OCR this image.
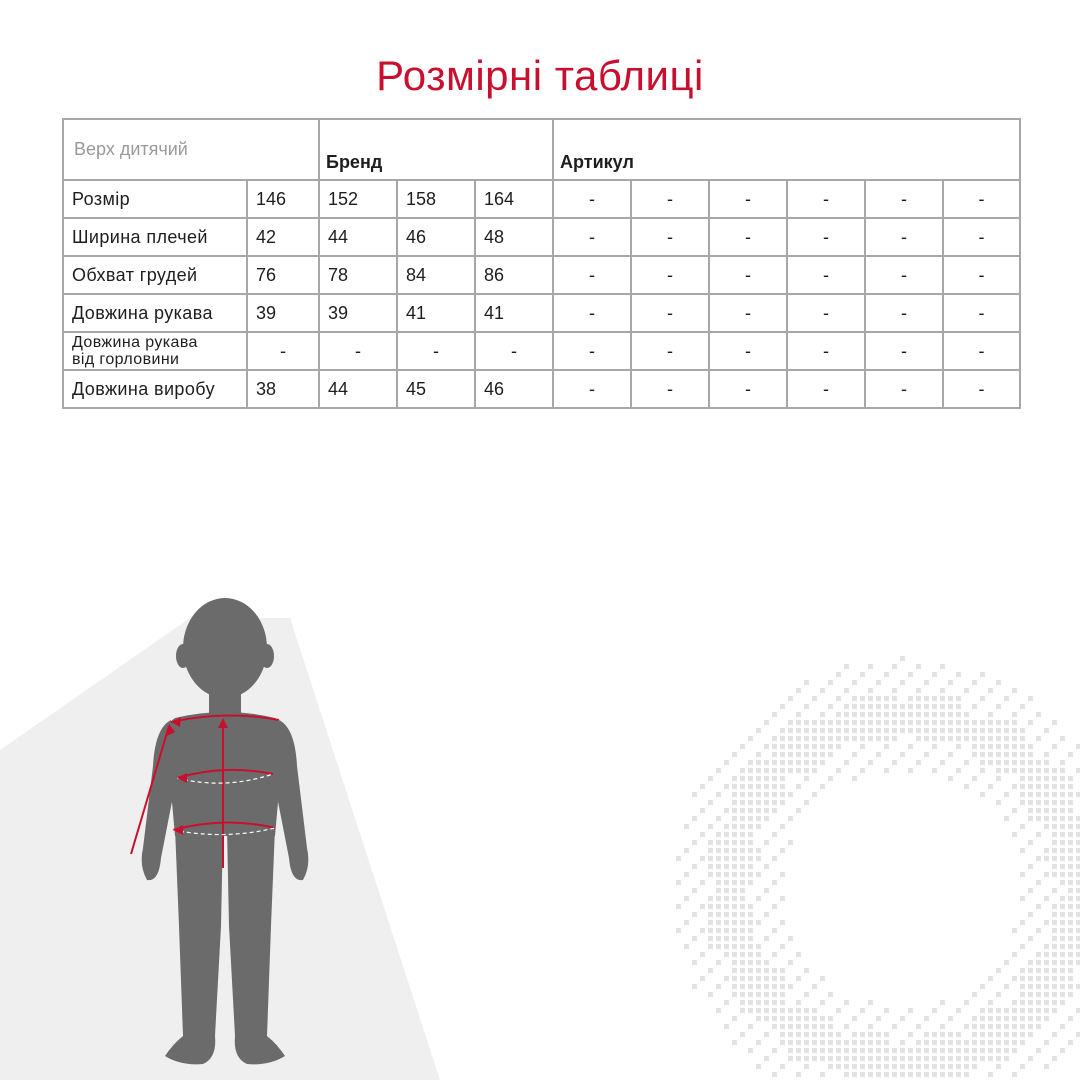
Розмірні таблиці
Верх дитячий		Бренд			Артикул					
Розмір	146	152	158	164	-	-	-	-	-	-
Ширина плечей	42	44	46	48	-	-	-	-	-	-
Обхват грудей	76	78	84	86	-	-	-	-	-	-
Довжина рукава	39	39	41	41	-	-	-	-	-	-
Довжина рукава
від горловини	-	-	-	-	-	-	-	-	-	-
Довжина виробу	38	44	45	46	-	-	-	-	-	-
